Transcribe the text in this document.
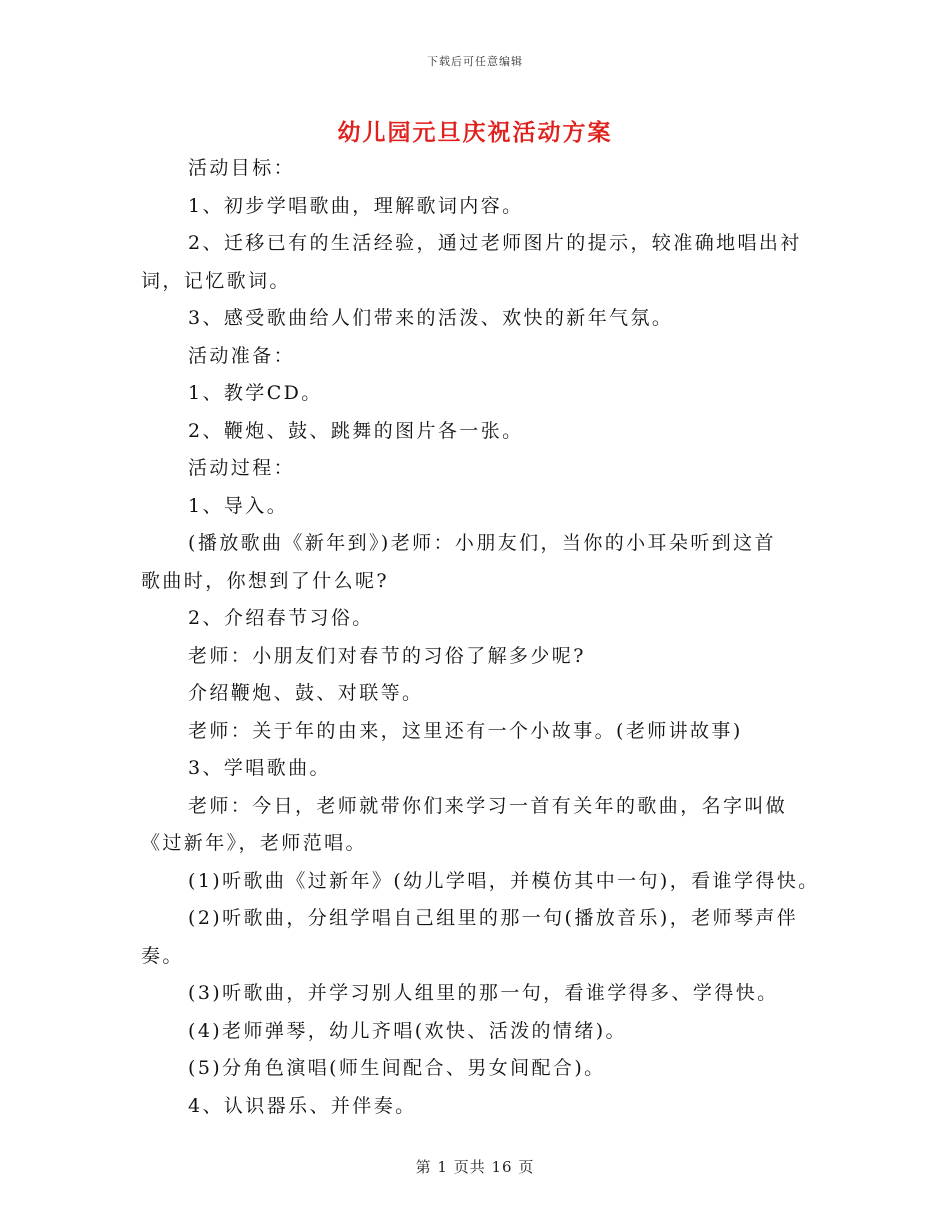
下载后可任意编辑
幼儿园元旦庆祝活动方案

活动目标：

1、初步学唱歌曲，理解歌词内容。

2、迁移已有的生活经验，通过老师图片的提示，较准确地唱出衬

词，记忆歌词。

3、感受歌曲给人们带来的活泼、欢快的新年气氛。

活动准备：

1、教学CD。

2、鞭炮、鼓、跳舞的图片各一张。

活动过程：

1、导入。

(播放歌曲《新年到》)老师：小朋友们，当你的小耳朵听到这首

歌曲时，你想到了什么呢?

2、介绍春节习俗。

老师：小朋友们对春节的习俗了解多少呢?

介绍鞭炮、鼓、对联等。

老师：关于年的由来，这里还有一个小故事。(老师讲故事)

3、学唱歌曲。

老师：今日，老师就带你们来学习一首有关年的歌曲，名字叫做

《过新年》，老师范唱。

(1)听歌曲《过新年》(幼儿学唱，并模仿其中一句)，看谁学得快。

(2)听歌曲，分组学唱自己组里的那一句(播放音乐)，老师琴声伴

奏。

(3)听歌曲，并学习别人组里的那一句，看谁学得多、学得快。

(4)老师弹琴，幼儿齐唱(欢快、活泼的情绪)。

(5)分角色演唱(师生间配合、男女间配合)。

4、认识器乐、并伴奏。

第 1 页共 16 页
